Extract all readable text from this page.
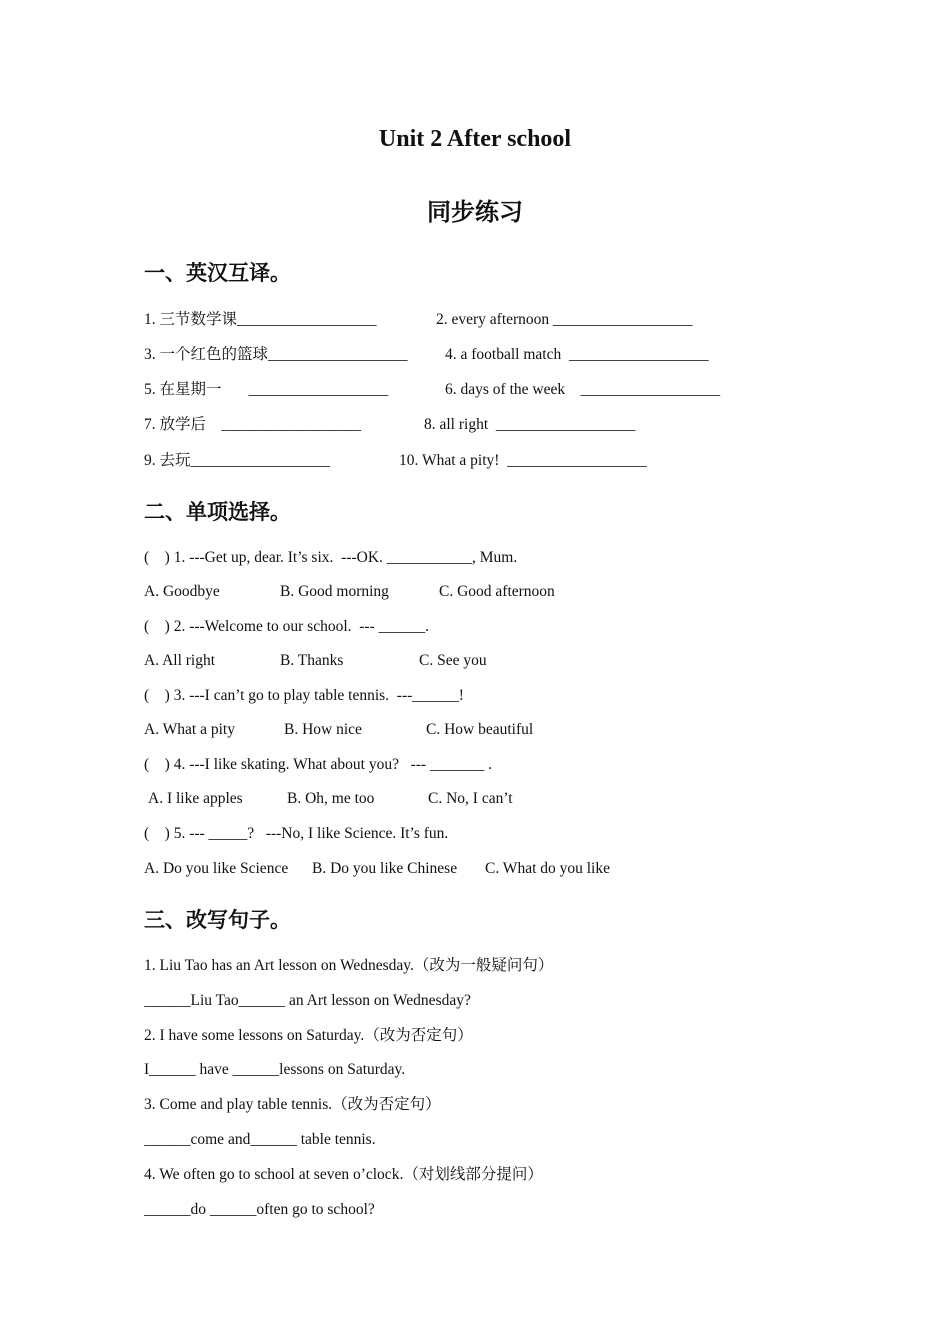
Unit 2 After school
同步练习
一、英汉互译。
1. 三节数学课__________________	2. every afternoon __________________
3. 一个红色的篮球__________________ 4. a football match  __________________
5. 在星期一       __________________	6. days of the week    __________________
7. 放学后    __________________	8. all right  __________________
9. 去玩__________________	10. What a pity!  __________________
二、单项选择。
(    ) 1. ---Get up, dear. It’s six.  ---OK. ___________, Mum.
A. Goodbye	B. Good morning	C. Good afternoon
(    ) 2. ---Welcome to our school.  --- ______.
A. All right	B. Thanks	C. See you
(    ) 3. ---I can’t go to play table tennis.  ---______!
A. What a pity	B. How nice	C. How beautiful
(    ) 4. ---I like skating. What about you?   --- _______ .
A. I like apples	B. Oh, me too	C. No, I can’t
(    ) 5. --- _____?   ---No, I like Science. It’s fun.
A. Do you like Science B. Do you like Chinese C. What do you like
三、改写句子。
1. Liu Tao has an Art lesson on Wednesday.（改为一般疑问句）
______Liu Tao______ an Art lesson on Wednesday?
2. I have some lessons on Saturday.（改为否定句）
I______ have ______lessons on Saturday.
3. Come and play table tennis.（改为否定句）
______come and______ table tennis.
4. We often go to school at seven o’clock.（对划线部分提问）
______do ______often go to school?
